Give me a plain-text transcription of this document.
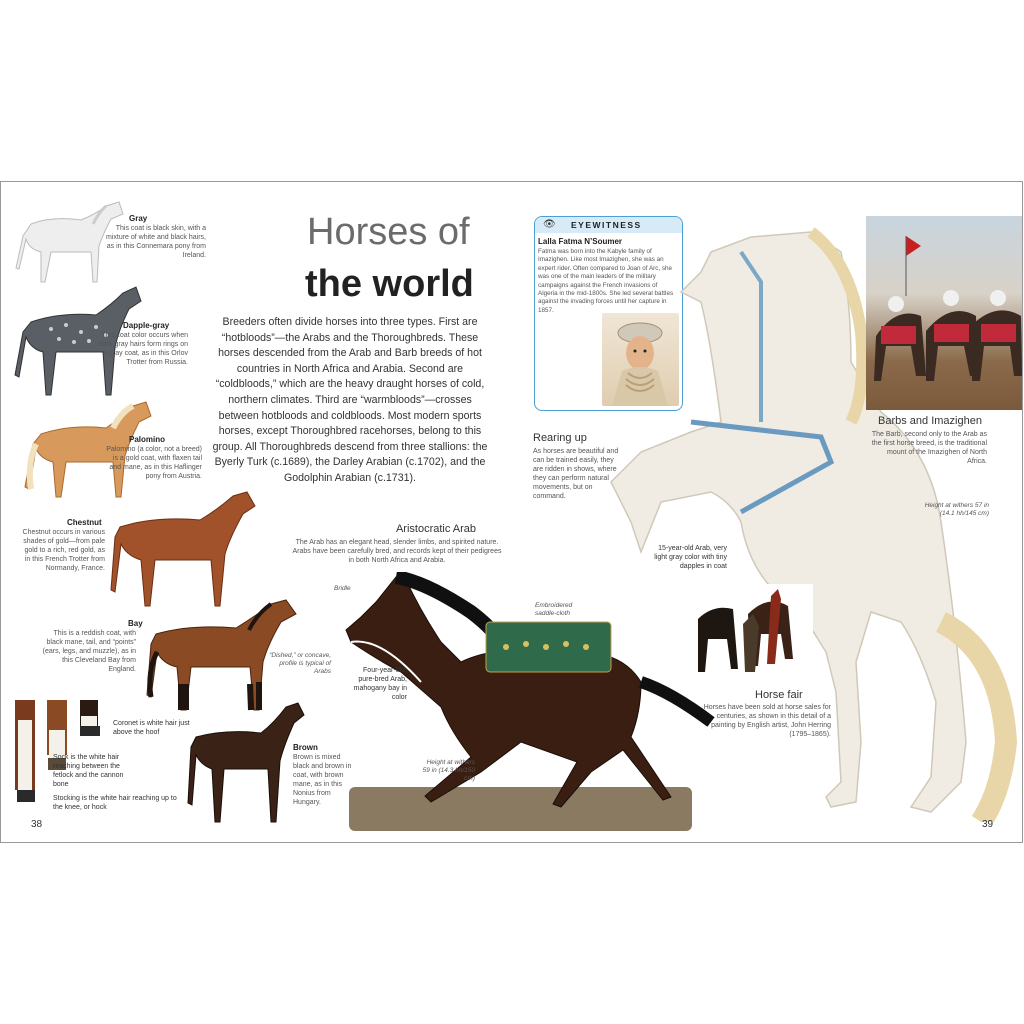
Gray
This coat is black skin, with a mixture of white and black hairs, as in this Connemara pony from Ireland.
Dapple-gray
This coat color occurs when dark gray hairs form rings on a gray coat, as in this Orlov Trotter from Russia.
Palomino
Palomino (a color, not a breed) is a gold coat, with flaxen tail and mane, as in this Haflinger pony from Austria.
Chestnut
Chestnut occurs in various shades of gold—from pale gold to a rich, red gold, as in this French Trotter from Normandy, France.
Bay
This is a reddish coat, with black mane, tail, and “points” (ears, legs, and muzzle), as in this Cleveland Bay from England.
Coronet is white hair just above the hoof
Sock is the white hair reaching between the fetlock and the cannon bone
Stocking is the white hair reaching up to the knee, or hock
Brown
Brown is mixed black and brown in coat, with brown mane, as in this Nonius from Hungary.
38
Horses of
the world
Breeders often divide horses into three types. First are “hotbloods”—the Arabs and the Thoroughbreds. These horses descended from the Arab and Barb breeds of hot countries in North Africa and Arabia. Second are “coldbloods,” which are the heavy draught horses of cold, northern climates. Third are “warmbloods”—crosses between hotbloods and coldbloods. Most modern sports horses, except Thoroughbred racehorses, belong to this group. All Thoroughbreds descend from three stallions: the Byerly Turk (c.1689), the Darley Arabian (c.1702), and the Godolphin Arabian (c.1731).
Aristocratic Arab
The Arab has an elegant head, slender limbs, and spirited nature. Arabs have been carefully bred, and records kept of their pedigrees in both North Africa and Arabia.
Bridle
Embroidered saddle-cloth
“Dished,” or concave, profile is typical of Arabs	Four-year-old, pure-bred Arab, mahogany bay in color
Height at withers 59 in (14.3 hh/150 cm)
👁 EYEWITNESS
Lalla Fatma N’Soumer
Fatma was born into the Kabyle family of Imazighen. Like most Imazighen, she was an expert rider. Often compared to Joan of Arc, she was one of the main leaders of the military campaigns against the French invasions of Algeria in the mid-1800s. She led several battles against the invading forces until her capture in 1857.
Barbs and Imazighen
The Barb, second only to the Arab as the first horse breed, is the traditional mount of the Imazighen of North Africa.
Rearing up
As horses are beautiful and can be trained easily, they are ridden in shows, where they can perform natural movements, but on command.
15-year-old Arab, very light gray color with tiny dapples in coat
Height at withers 57 in (14.1 hh/145 cm)
Horse fair
Horses have been sold at horse sales for centuries, as shown in this detail of a painting by English artist, John Herring (1795–1865).
39
